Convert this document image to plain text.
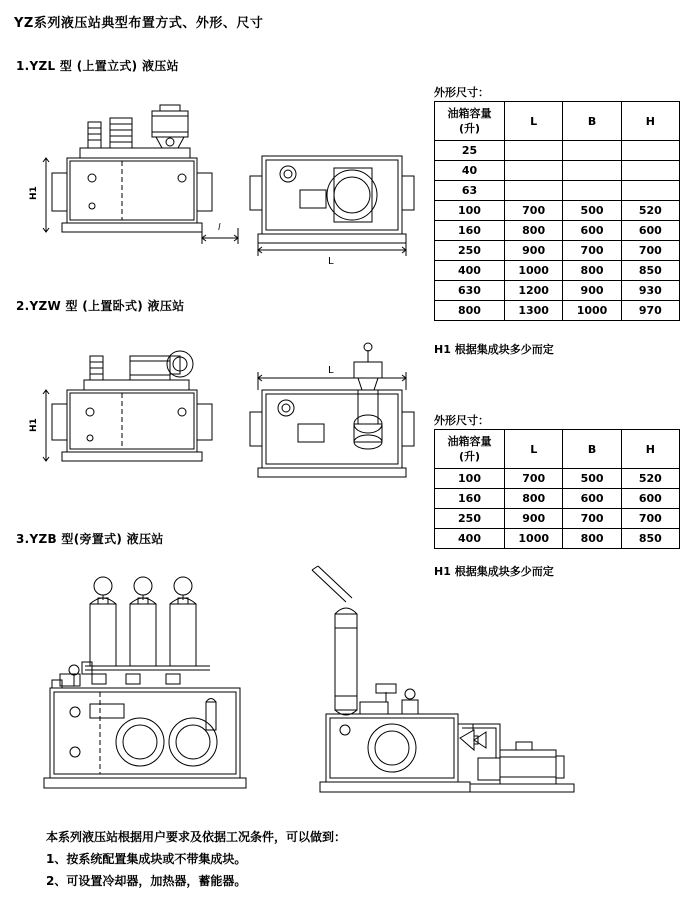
YZ系列液压站典型布置方式、外形、尺寸
1.YZL 型 (上置立式) 液压站
2.YZW 型 (上置卧式) 液压站
3.YZB 型(旁置式) 液压站
H1
l
L
H1
L
外形尺寸：
油箱容量
(升)	L	B	H
25			
40			
63			
100	700	500	520
160	800	600	600
250	900	700	700
400	1000	800	850
630	1200	900	930
800	1300	1000	970
H1 根据集成块多少而定
外形尺寸：
油箱容量
(升)	L	B	H
100	700	500	520
160	800	600	600
250	900	700	700
400	1000	800	850
H1 根据集成块多少而定
本系列液压站根据用户要求及依据工况条件，可以做到：
1、按系统配置集成块或不带集成块。
2、可设置冷却器，加热器，蓄能器。
